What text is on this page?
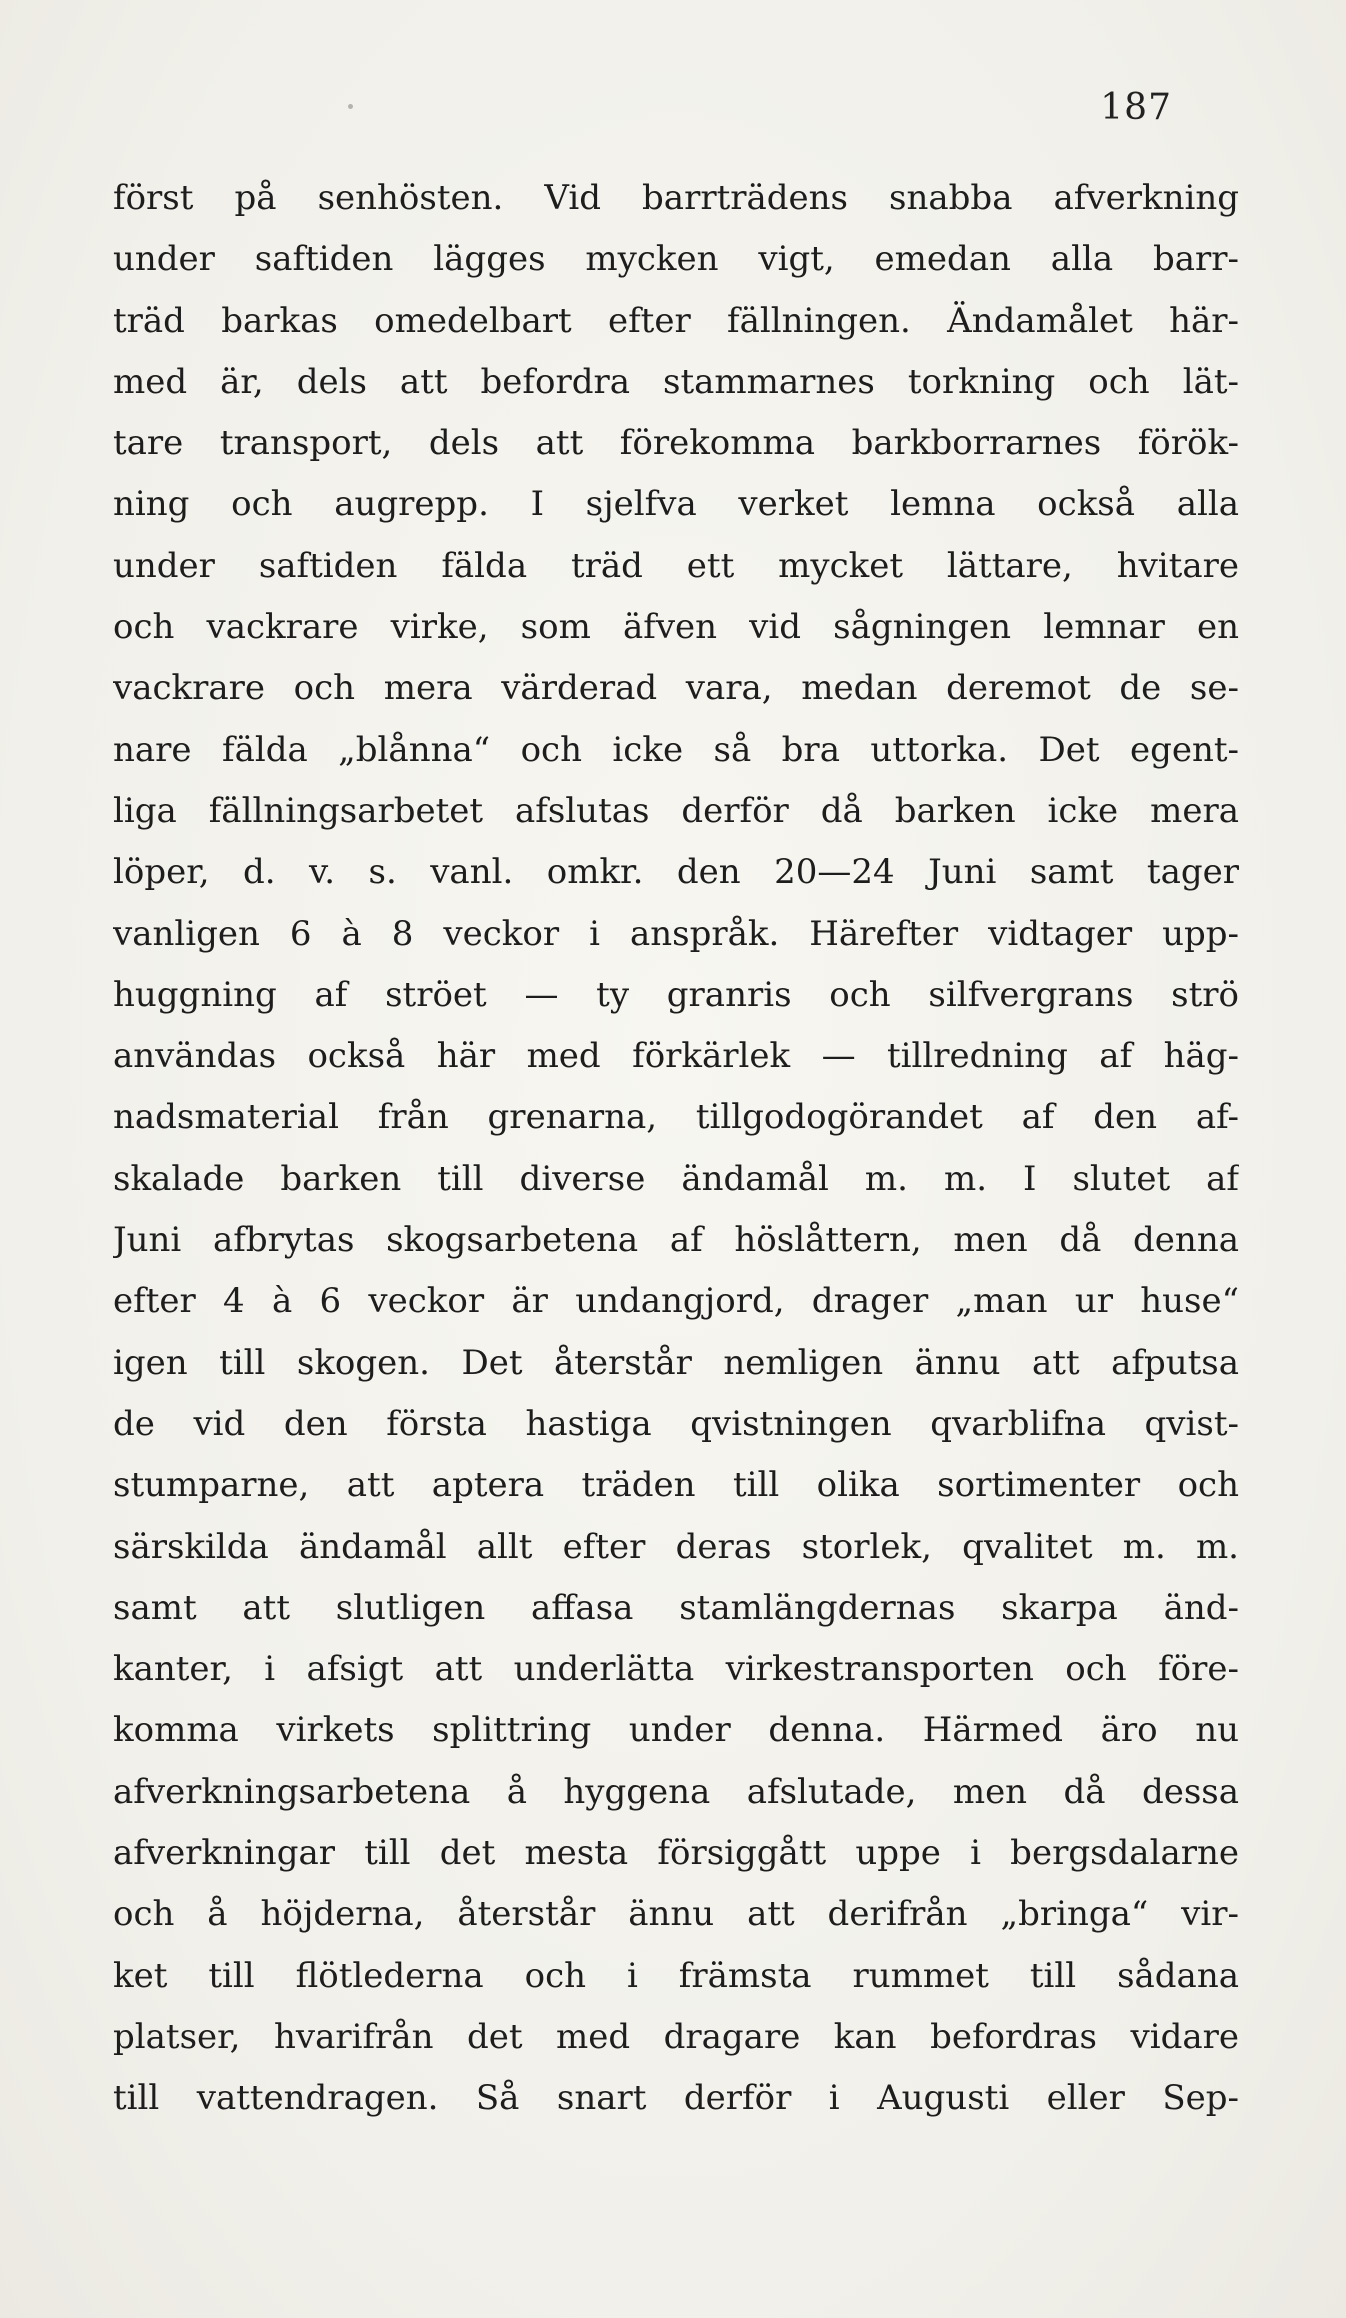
187
först på senhösten. Vid barrträdens snabba afverkning
under saftiden lägges mycken vigt, emedan alla barr-
träd barkas omedelbart efter fällningen. Ändamålet här-
med är, dels att befordra stammarnes torkning och lät-
tare transport, dels att förekomma barkborrarnes förök-
ning och augrepp. I sjelfva verket lemna också alla
under saftiden fälda träd ett mycket lättare, hvitare
och vackrare virke, som äfven vid sågningen lemnar en
vackrare och mera värderad vara, medan deremot de se-
nare fälda „blånna“ och icke så bra uttorka. Det egent-
liga fällningsarbetet afslutas derför då barken icke mera
löper, d. v. s. vanl. omkr. den 20—24 Juni samt tager
vanligen 6 à 8 veckor i anspråk. Härefter vidtager upp-
huggning af ströet — ty granris och silfvergrans strö
användas också här med förkärlek — tillredning af häg-
nadsmaterial från grenarna, tillgodogörandet af den af-
skalade barken till diverse ändamål m. m. I slutet af
Juni afbrytas skogsarbetena af höslåttern, men då denna
efter 4 à 6 veckor är undangjord, drager „man ur huse“
igen till skogen. Det återstår nemligen ännu att afputsa
de vid den första hastiga qvistningen qvarblifna qvist-
stumparne, att aptera träden till olika sortimenter och
särskilda ändamål allt efter deras storlek, qvalitet m. m.
samt att slutligen affasa stamlängdernas skarpa änd-
kanter, i afsigt att underlätta virkestransporten och före-
komma virkets splittring under denna. Härmed äro nu
afverkningsarbetena å hyggena afslutade, men då dessa
afverkningar till det mesta försiggått uppe i bergsdalarne
och å höjderna, återstår ännu att derifrån „bringa“ vir-
ket till flötlederna och i främsta rummet till sådana
platser, hvarifrån det med dragare kan befordras vidare
till vattendragen. Så snart derför i Augusti eller Sep-
